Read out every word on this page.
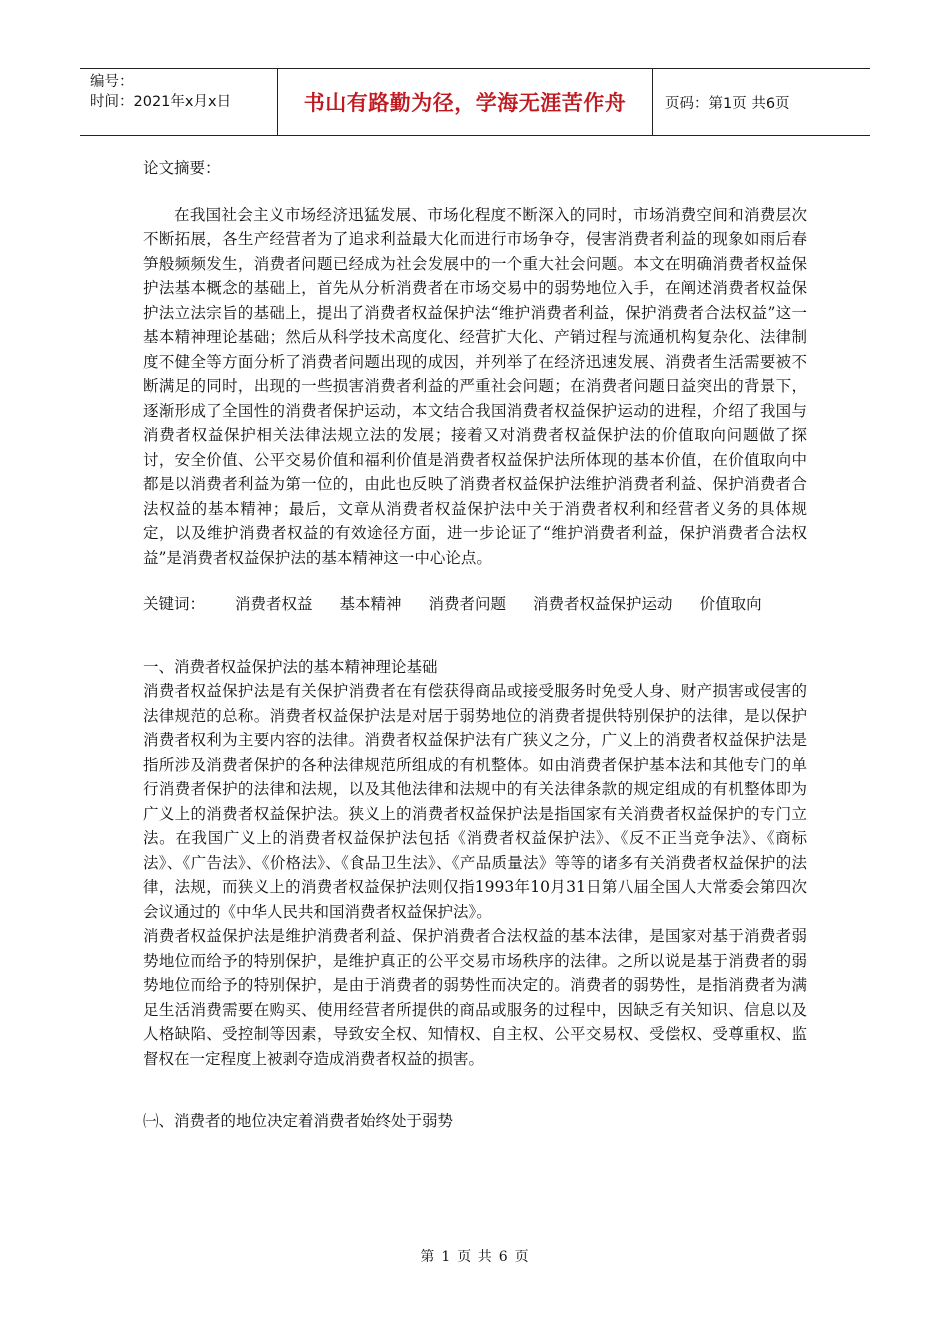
编号：
时间：2021年x月x日	书山有路勤为径，学海无涯苦作舟	页码：第1页 共6页

论文摘要：

在我国社会主义市场经济迅猛发展、市场化程度不断深入的同时，市场消费空间和消费层次不断拓展，各生产经营者为了追求利益最大化而进行市场争夺，侵害消费者利益的现象如雨后春笋般频频发生，消费者问题已经成为社会发展中的一个重大社会问题。本文在明确消费者权益保护法基本概念的基础上，首先从分析消费者在市场交易中的弱势地位入手，在阐述消费者权益保护法立法宗旨的基础上，提出了消费者权益保护法“维护消费者利益，保护消费者合法权益”这一基本精神理论基础；然后从科学技术高度化、经营扩大化、产销过程与流通机构复杂化、法律制度不健全等方面分析了消费者问题出现的成因，并列举了在经济迅速发展、消费者生活需要被不断满足的同时，出现的一些损害消费者利益的严重社会问题；在消费者问题日益突出的背景下，逐渐形成了全国性的消费者保护运动，本文结合我国消费者权益保护运动的进程，介绍了我国与消费者权益保护相关法律法规立法的发展；接着又对消费者权益保护法的价值取向问题做了探讨，安全价值、公平交易价值和福利价值是消费者权益保护法所体现的基本价值，在价值取向中都是以消费者利益为第一位的，由此也反映了消费者权益保护法维护消费者利益、保护消费者合法权益的基本精神；最后，文章从消费者权益保护法中关于消费者权利和经营者义务的具体规定，以及维护消费者权益的有效途径方面，进一步论证了“维护消费者利益，保护消费者合法权益”是消费者权益保护法的基本精神这一中心论点。

关键词：	消费者权益 基本精神 消费者问题 消费者权益保护运动 价值取向

一、消费者权益保护法的基本精神理论基础

消费者权益保护法是有关保护消费者在有偿获得商品或接受服务时免受人身、财产损害或侵害的法律规范的总称。消费者权益保护法是对居于弱势地位的消费者提供特别保护的法律，是以保护消费者权利为主要内容的法律。消费者权益保护法有广狭义之分，广义上的消费者权益保护法是指所涉及消费者保护的各种法律规范所组成的有机整体。如由消费者保护基本法和其他专门的单行消费者保护的法律和法规，以及其他法律和法规中的有关法律条款的规定组成的有机整体即为广义上的消费者权益保护法。狭义上的消费者权益保护法是指国家有关消费者权益保护的专门立法。在我国广义上的消费者权益保护法包括《消费者权益保护法》、《反不正当竞争法》、《商标法》、《广告法》、《价格法》、《食品卫生法》、《产品质量法》等等的诸多有关消费者权益保护的法律，法规，而狭义上的消费者权益保护法则仅指1993年10月31日第八届全国人大常委会第四次会议通过的《中华人民共和国消费者权益保护法》。

消费者权益保护法是维护消费者利益、保护消费者合法权益的基本法律，是国家对基于消费者弱势地位而给予的特别保护，是维护真正的公平交易市场秩序的法律。之所以说是基于消费者的弱势地位而给予的特别保护，是由于消费者的弱势性而决定的。消费者的弱势性，是指消费者为满足生活消费需要在购买、使用经营者所提供的商品或服务的过程中，因缺乏有关知识、信息以及人格缺陷、受控制等因素，导致安全权、知情权、自主权、公平交易权、受偿权、受尊重权、监督权在一定程度上被剥夺造成消费者权益的损害。

㈠、消费者的地位决定着消费者始终处于弱势

第 1 页 共 6 页
